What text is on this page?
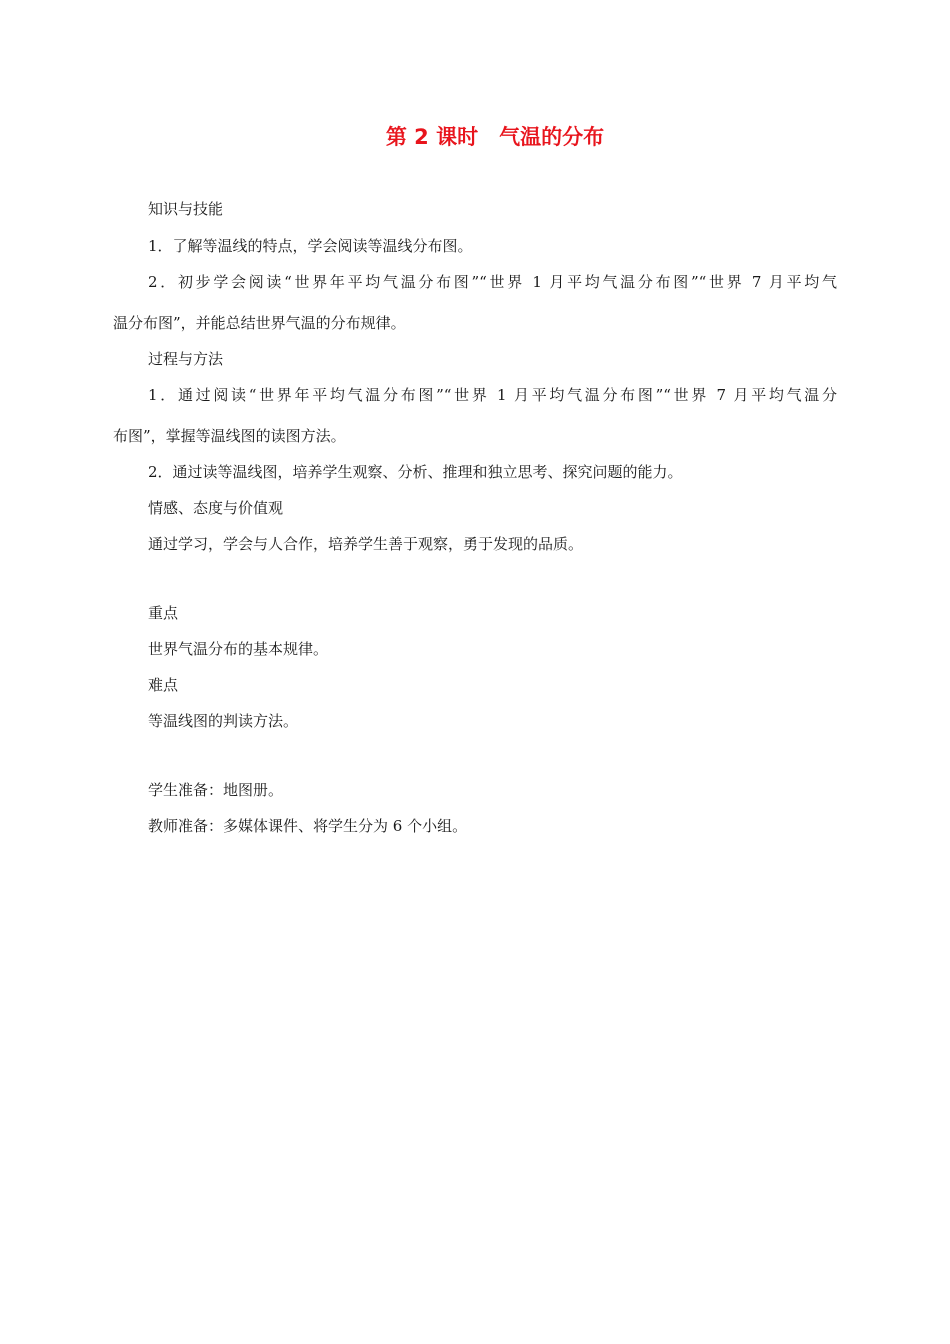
第 2 课时　气温的分布
知识与技能
1．了解等温线的特点，学会阅读等温线分布图。
2．初步学会阅读“世界年平均气温分布图”“世界 1 月平均气温分布图”“世界 7 月平均气
温分布图”，并能总结世界气温的分布规律。
过程与方法
1．通过阅读“世界年平均气温分布图”“世界 1 月平均气温分布图”“世界 7 月平均气温分
布图”，掌握等温线图的读图方法。
2．通过读等温线图，培养学生观察、分析、推理和独立思考、探究问题的能力。
情感、态度与价值观
通过学习，学会与人合作，培养学生善于观察，勇于发现的品质。
重点
世界气温分布的基本规律。
难点
等温线图的判读方法。
学生准备：地图册。
教师准备：多媒体课件、将学生分为 6 个小组。
